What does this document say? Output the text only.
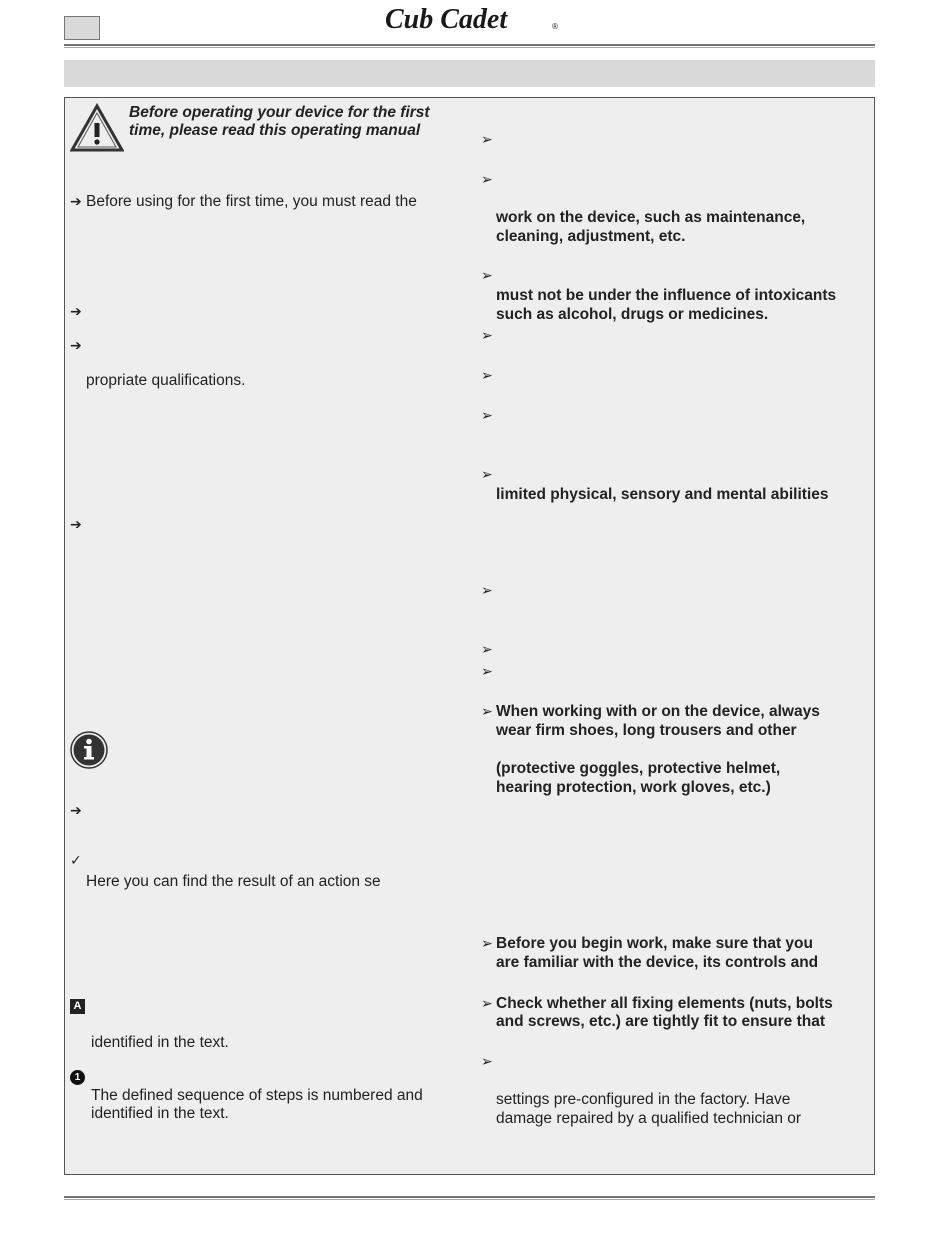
Cub Cadet	®
Before operating your device for the first
time, please read this operating manual
➔ Before using for the first time, you must read the
➔
➔
propriate qualifications.
➔
➔
✓
Here you can find the result of an action se
A
identified in the text.
1
The defined sequence of steps is numbered and
identified in the text.
➢
➢
work on the device, such as maintenance,
cleaning, adjustment, etc.
➢
must not be under the influence of intoxicants
such as alcohol, drugs or medicines.
➢
➢
➢
➢
limited physical, sensory and mental abilities
➢
➢
➢
➢ When working with or on the device, always
wear firm shoes, long trousers and other
(protective goggles, protective helmet,
hearing protection, work gloves, etc.)
➢ Before you begin work, make sure that you
are familiar with the device, its controls and
➢ Check whether all fixing elements (nuts, bolts
and screws, etc.) are tightly fit to ensure that
➢
settings pre-configured in the factory. Have
damage repaired by a qualified technician or
